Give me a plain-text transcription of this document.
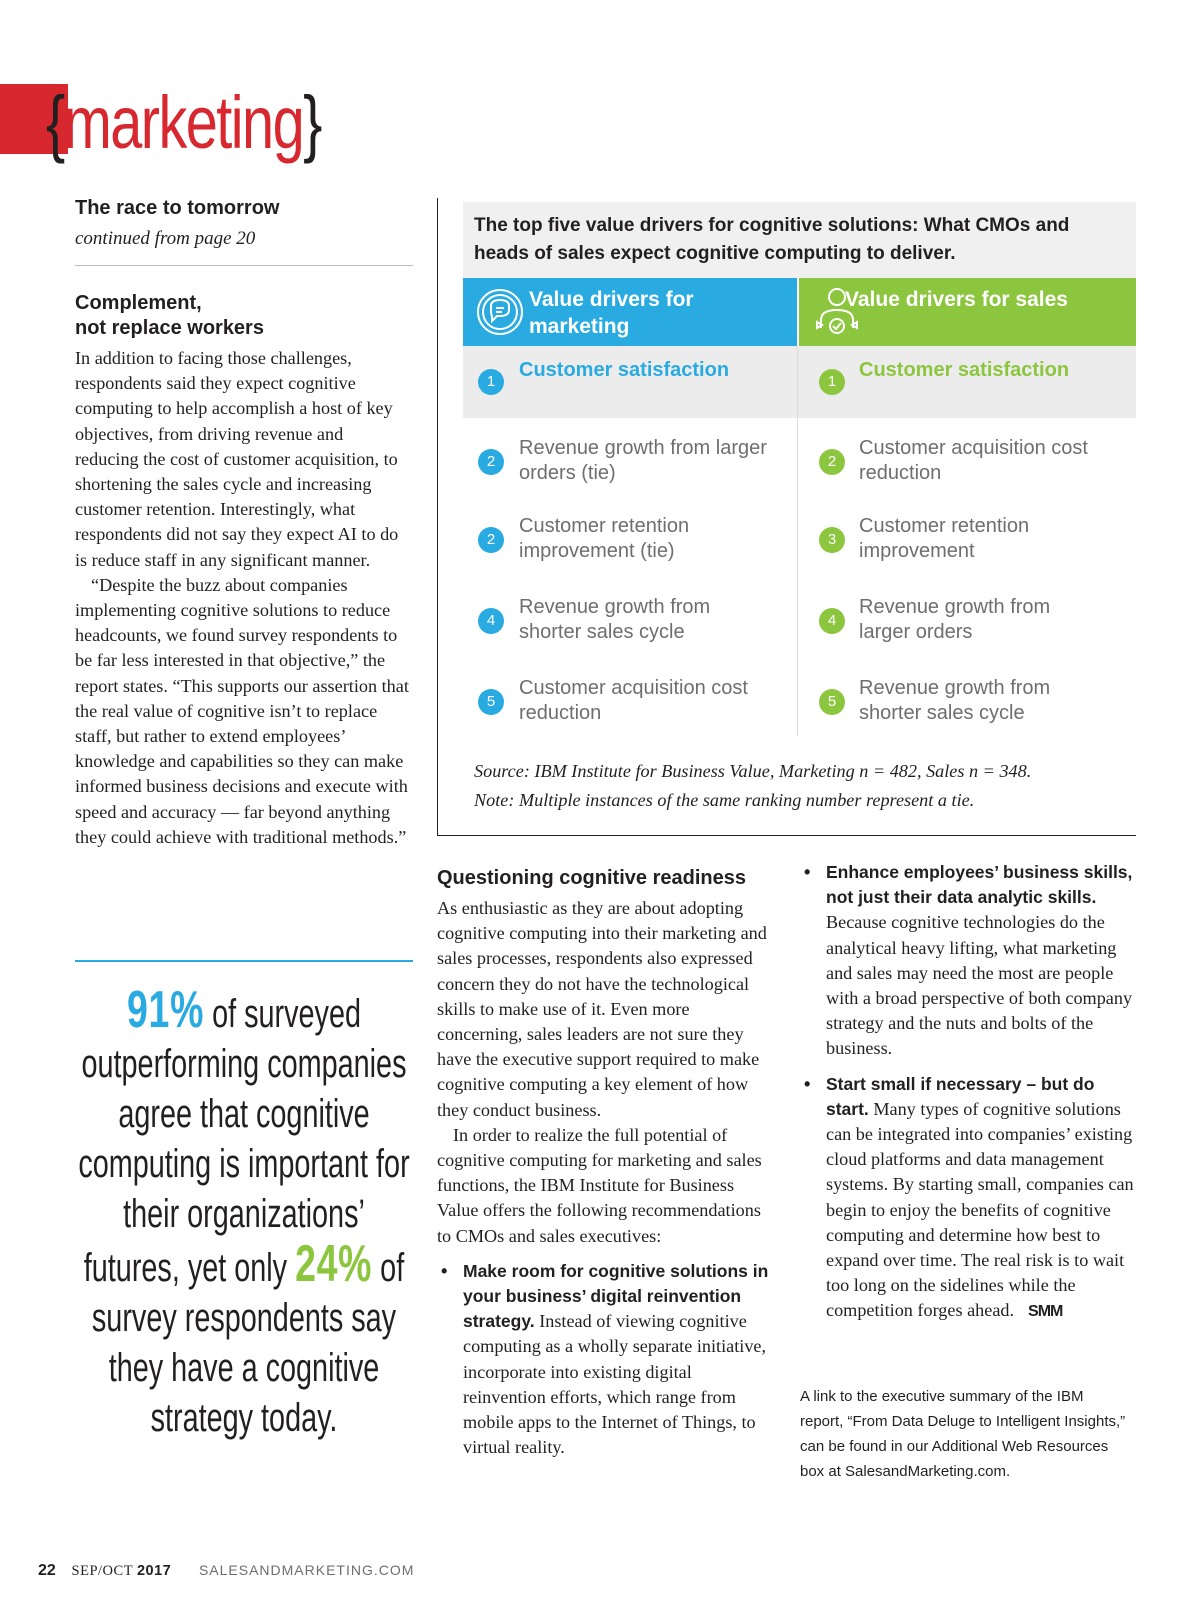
{marketing}
The race to tomorrow
continued from page 20
Complement,
not replace workers

In addition to facing those challenges, respondents said they expect cognitive computing to help accomplish a host of key objectives, from driving revenue and reducing the cost of customer acquisition, to shortening the sales cycle and increasing customer retention. Interestingly, what respondents did not say they expect AI to do is reduce staff in any significant manner.

“Despite the buzz about companies implementing cognitive solutions to reduce headcounts, we found survey respondents to be far less interested in that objective,” the report states. “This supports our assertion that the real value of cognitive isn’t to replace staff, but rather to extend employees’ knowledge and capabilities so they can make informed business decisions and execute with speed and accuracy — far beyond anything they could achieve with traditional methods.”

91% of surveyed outperforming companies agree that cognitive computing is important for their organizations’ futures, yet only 24% of survey respondents say they have a cognitive strategy today.
The top five value drivers for cognitive solutions: What CMOs and heads of sales expect cognitive computing to deliver.
Value drivers for marketing
Value drivers for sales
1
Customer satisfaction
2
Revenue growth from larger orders (tie)
2
Customer retention improvement (tie)
4
Revenue growth from shorter sales cycle
5
Customer acquisition cost reduction
1
Customer satisfaction
2
Customer acquisition cost reduction
3
Customer retention improvement
4
Revenue growth from larger orders
5
Revenue growth from shorter sales cycle
Source: IBM Institute for Business Value, Marketing n = 482, Sales n = 348.
Note: Multiple instances of the same ranking number represent a tie.
Questioning cognitive readiness

As enthusiastic as they are about adopting cognitive computing into their marketing and sales processes, respondents also expressed concern they do not have the technological skills to make use of it. Even more concerning, sales leaders are not sure they have the executive support required to make cognitive computing a key element of how they conduct business.

In order to realize the full potential of cognitive computing for marketing and sales functions, the IBM Institute for Business Value offers the following recommendations to CMOs and sales executives:

• Make room for cognitive solutions in your business’ digital reinvention strategy. Instead of viewing cognitive computing as a wholly separate initiative, incorporate into existing digital reinvention efforts, which range from mobile apps to the Internet of Things, to virtual reality.
• Enhance employees’ business skills, not just their data analytic skills. Because cognitive technologies do the analytical heavy lifting, what marketing and sales may need the most are people with a broad perspective of both company strategy and the nuts and bolts of the business.
• Start small if necessary – but do start. Many types of cognitive solutions can be integrated into companies’ existing cloud platforms and data management systems. By starting small, companies can begin to enjoy the benefits of cognitive computing and determine how best to expand over time. The real risk is to wait too long on the sidelines while the competition forges ahead. SMM
A link to the executive summary of the IBM report, “From Data Deluge to Intelligent Insights,” can be found in our Additional Web Resources box at SalesandMarketing.com.
22 SEP/OCT 2017 SALESANDMARKETING.COM
